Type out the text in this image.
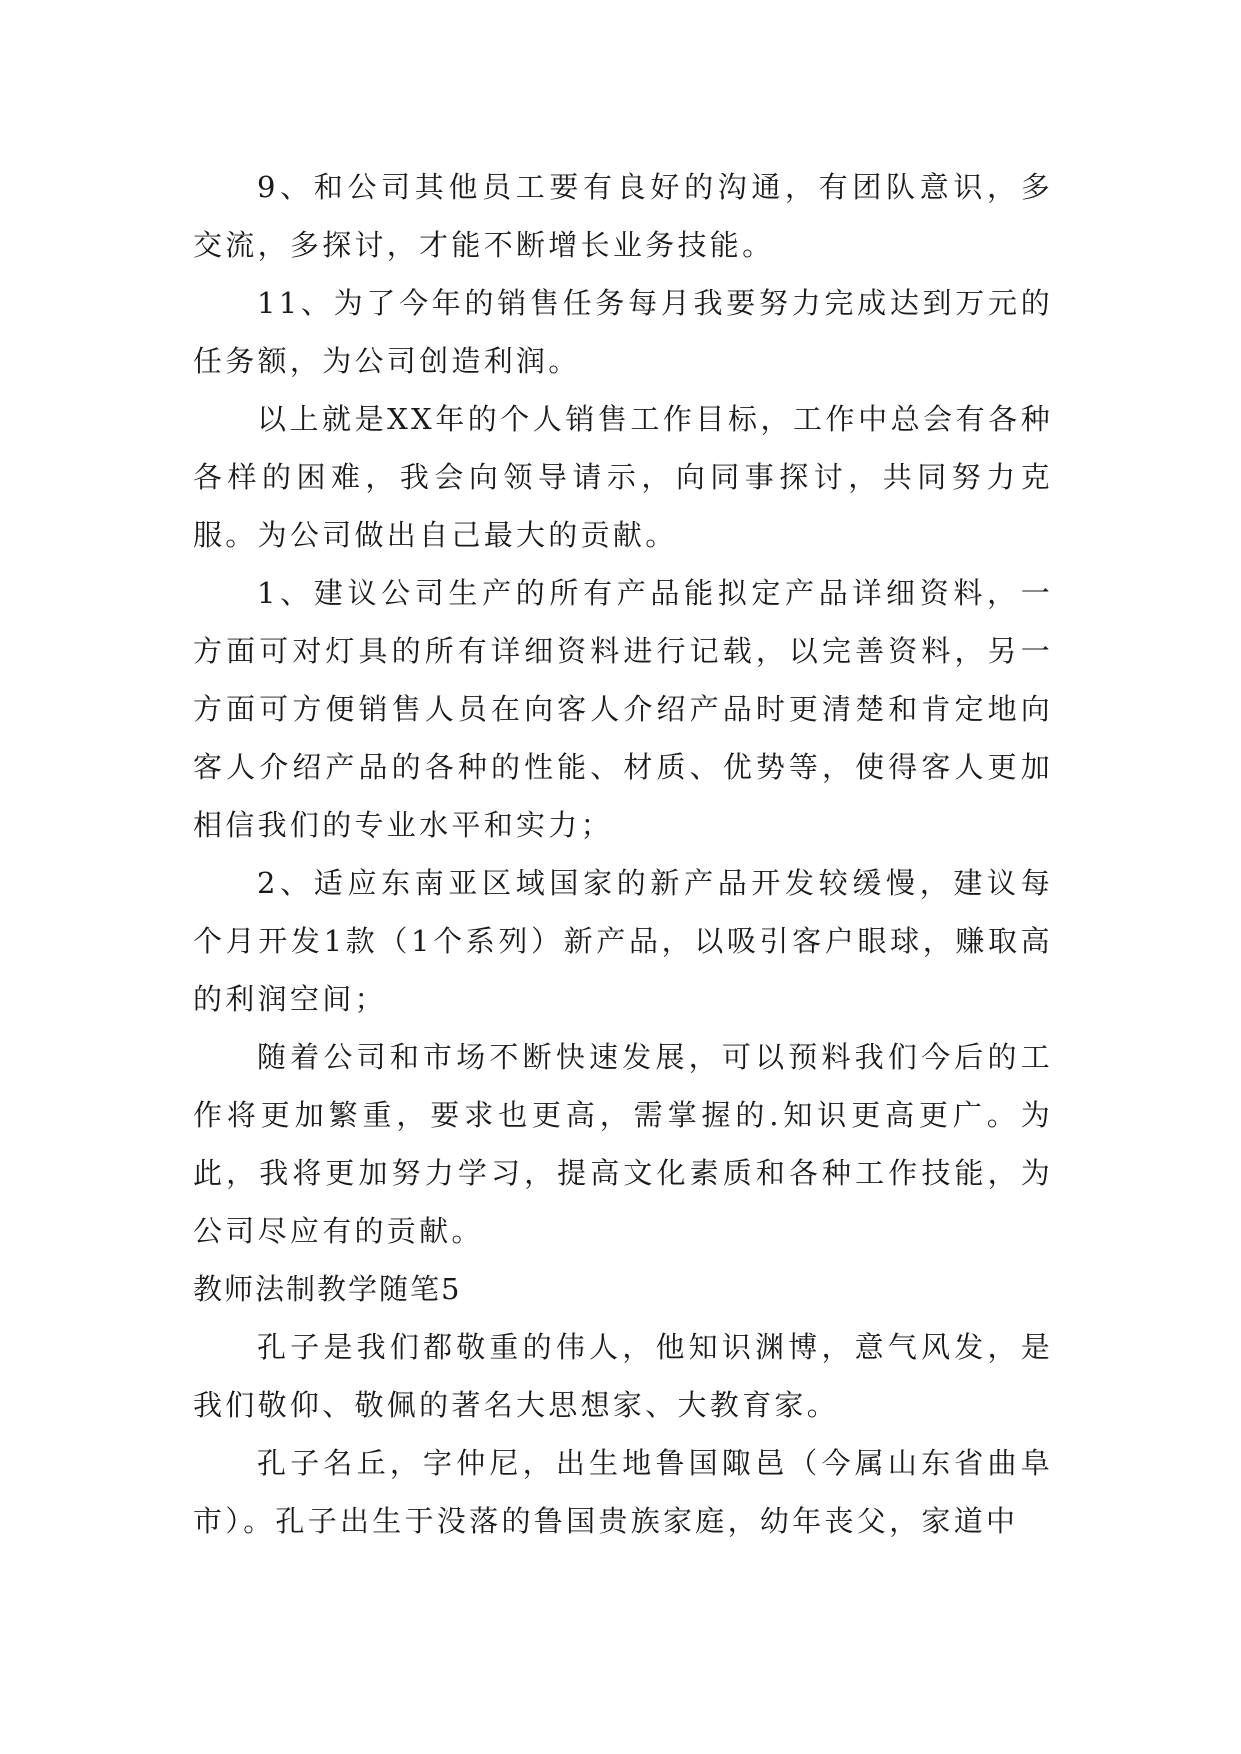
9、和公司其他员工要有良好的沟通，有团队意识，多交流，多探讨，才能不断增长业务技能。

11、为了今年的销售任务每月我要努力完成达到万元的任务额，为公司创造利润。

以上就是XX年的个人销售工作目标，工作中总会有各种各样的困难，我会向领导请示，向同事探讨，共同努力克服。为公司做出自己最大的贡献。

1、建议公司生产的所有产品能拟定产品详细资料，一方面可对灯具的所有详细资料进行记载，以完善资料，另一方面可方便销售人员在向客人介绍产品时更清楚和肯定地向客人介绍产品的各种的性能、材质、优势等，使得客人更加相信我们的专业水平和实力；

2、适应东南亚区域国家的新产品开发较缓慢，建议每个月开发1款（1个系列）新产品，以吸引客户眼球，赚取高的利润空间；

随着公司和市场不断快速发展，可以预料我们今后的工作将更加繁重，要求也更高，需掌握的.知识更高更广。为此，我将更加努力学习，提高文化素质和各种工作技能，为公司尽应有的贡献。

教师法制教学随笔5

孔子是我们都敬重的伟人，他知识渊博，意气风发，是我们敬仰、敬佩的著名大思想家、大教育家。

孔子名丘，字仲尼，出生地鲁国陬邑（今属山东省曲阜市）。孔子出生于没落的鲁国贵族家庭，幼年丧父，家道中
